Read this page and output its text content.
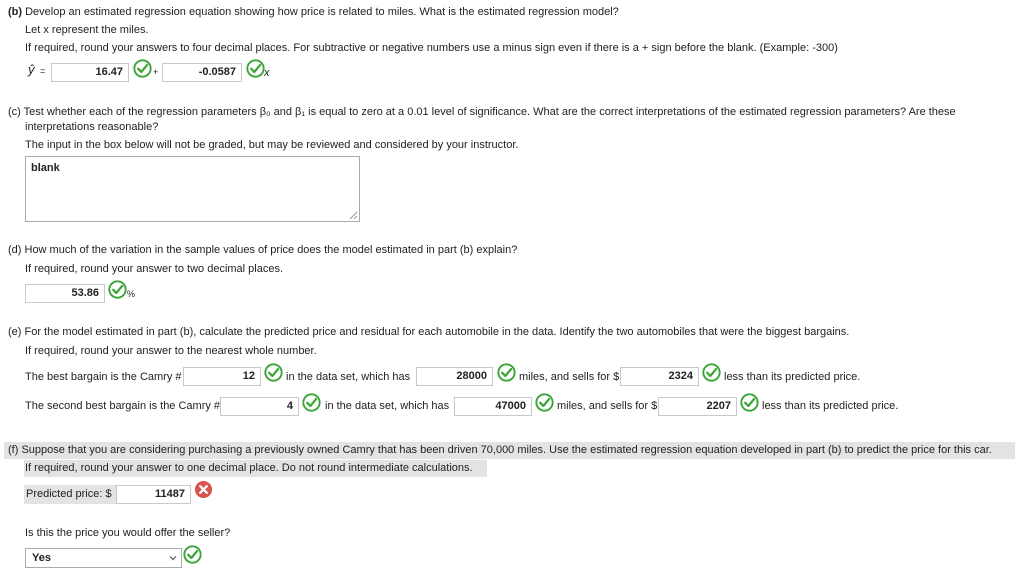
(b) Develop an estimated regression equation showing how price is related to miles. What is the estimated regression model?
Let x represent the miles.
If required, round your answers to four decimal places. For subtractive or negative numbers use a minus sign even if there is a + sign before the blank. (Example: -300)
ŷ =	16.47	+	-0.0587	x
(c) Test whether each of the regression parameters β₀ and β₁ is equal to zero at a 0.01 level of significance. What are the correct interpretations of the estimated regression parameters? Are these
interpretations reasonable?
The input in the box below will not be graded, but may be reviewed and considered by your instructor.
blank
(d) How much of the variation in the sample values of price does the model estimated in part (b) explain?
If required, round your answer to two decimal places.
53.86	%
(e) For the model estimated in part (b), calculate the predicted price and residual for each automobile in the data. Identify the two automobiles that were the biggest bargains.
If required, round your answer to the nearest whole number.
The best bargain is the Camry #	12	in the data set, which has	28000	miles, and sells for $	2324	less than its predicted price.
The second best bargain is the Camry #	4	in the data set, which has	47000	miles, and sells for $	2207	less than its predicted price.
(f) Suppose that you are considering purchasing a previously owned Camry that has been driven 70,000 miles. Use the estimated regression equation developed in part (b) to predict the price for this car.
If required, round your answer to one decimal place. Do not round intermediate calculations.
Predicted price: $	11487
Is this the price you would offer the seller?
Yes
